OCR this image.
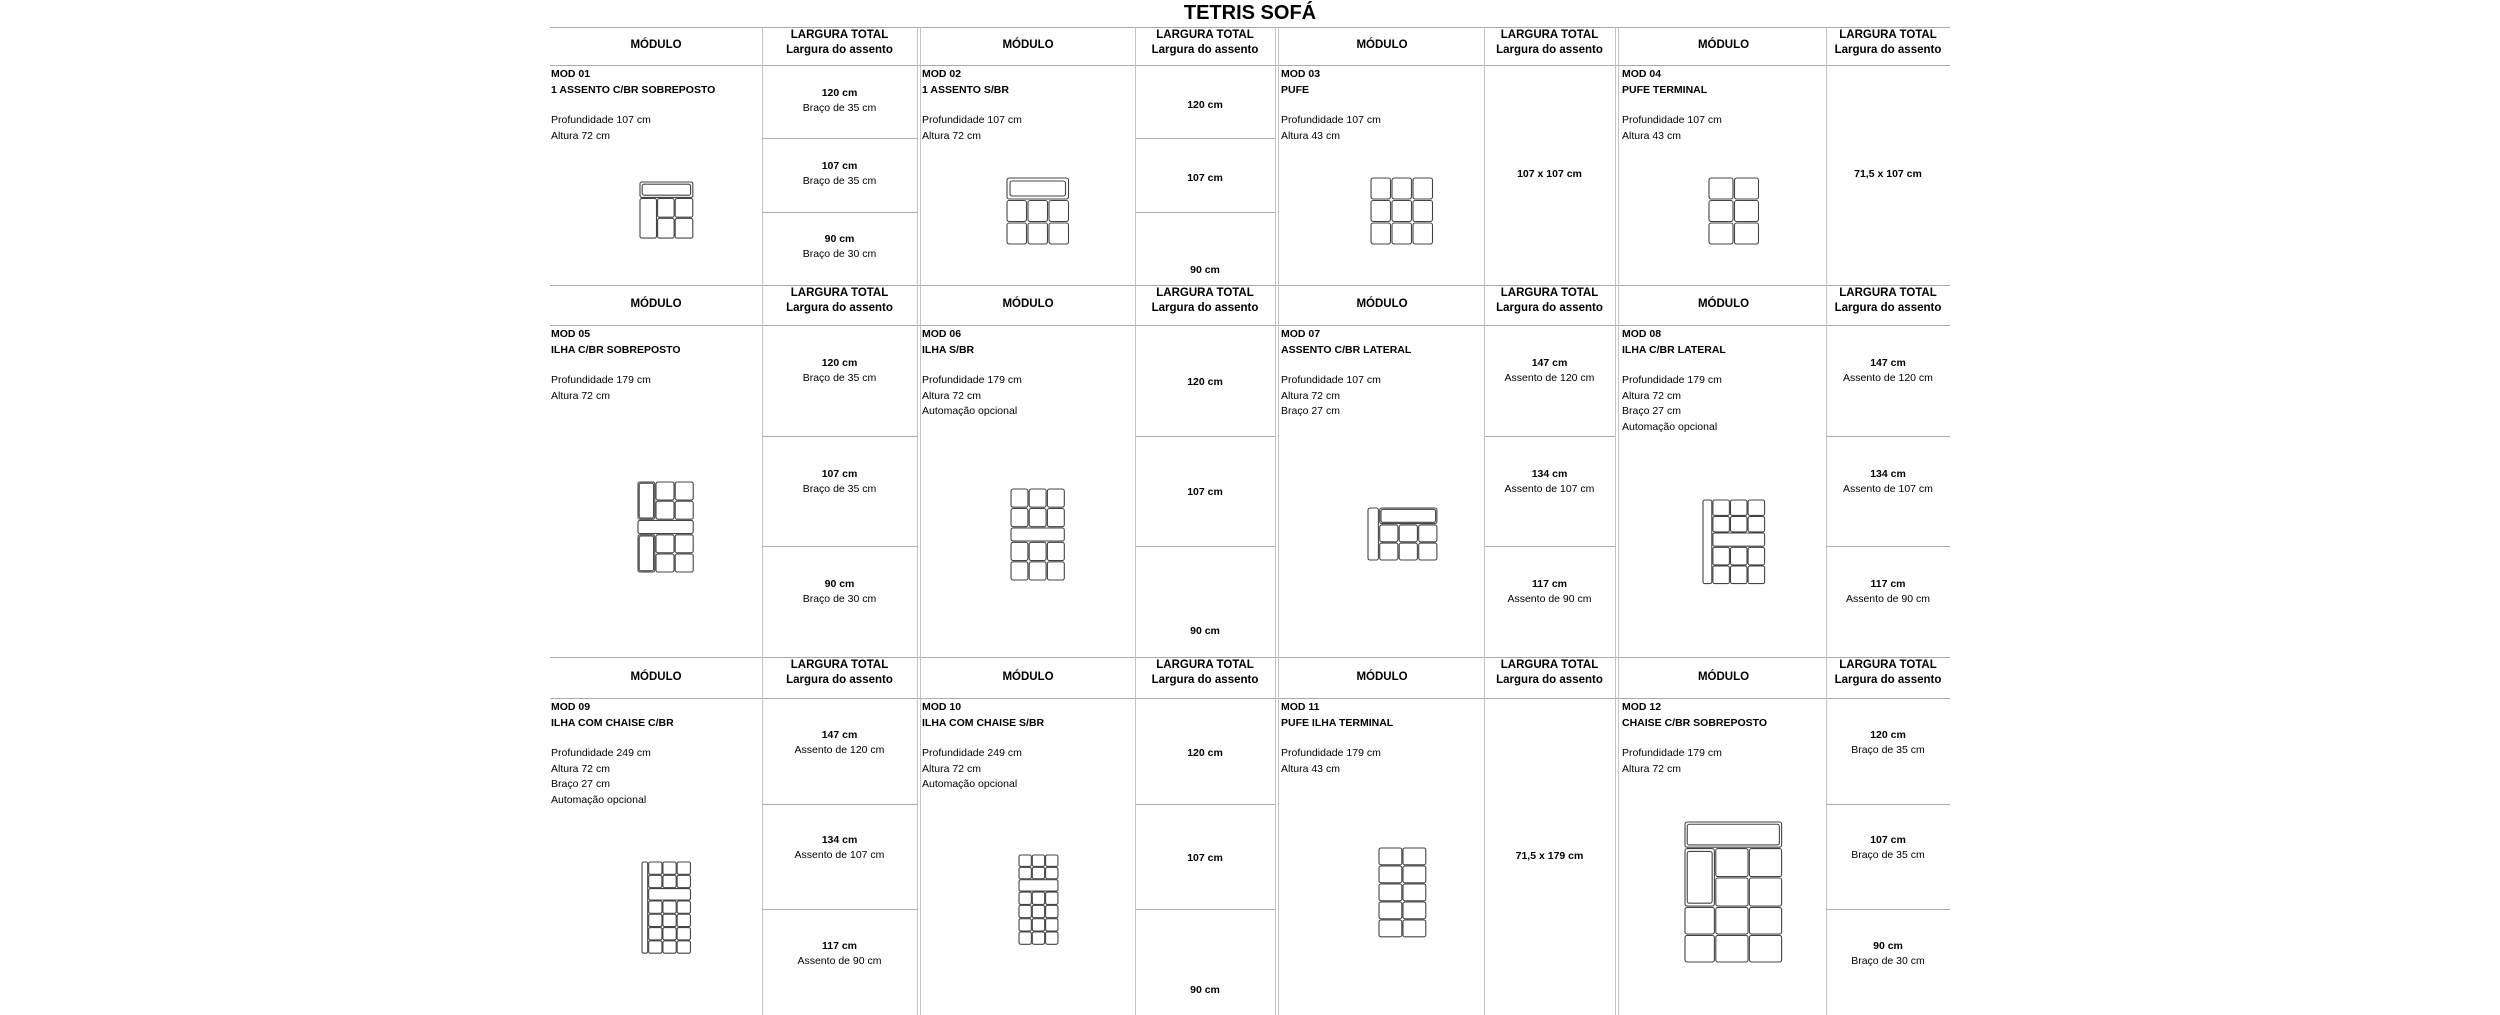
TETRIS SOFÁ
MÓDULO
LARGURA TOTAL
Largura do assento
MOD 01
1 ASSENTO C/BR SOBREPOSTO
Profundidade 107 cm
Altura 72 cm
120 cm
Braço de 35 cm
107 cm
Braço de 35 cm
90 cm
Braço de 30 cm
MÓDULO
LARGURA TOTAL
Largura do assento
MOD 02
1 ASSENTO S/BR
Profundidade 107 cm
Altura 72 cm
120 cm
107 cm
90 cm
MÓDULO
LARGURA TOTAL
Largura do assento
MOD 03
PUFE
Profundidade 107 cm
Altura 43 cm
107 x 107 cm
MÓDULO
LARGURA TOTAL
Largura do assento
MOD 04
PUFE TERMINAL
Profundidade 107 cm
Altura 43 cm
71,5 x 107 cm
MÓDULO
LARGURA TOTAL
Largura do assento
MOD 05
ILHA C/BR SOBREPOSTO
Profundidade 179 cm
Altura 72 cm
120 cm
Braço de 35 cm
107 cm
Braço de 35 cm
90 cm
Braço de 30 cm
MÓDULO
LARGURA TOTAL
Largura do assento
MOD 06
ILHA S/BR
Profundidade 179 cm
Altura 72 cm
Automação opcional
120 cm
107 cm
90 cm
MÓDULO
LARGURA TOTAL
Largura do assento
MOD 07
ASSENTO C/BR LATERAL
Profundidade 107 cm
Altura 72 cm
Braço 27 cm
147 cm
Assento de 120 cm
134 cm
Assento de 107 cm
117 cm
Assento de 90 cm
MÓDULO
LARGURA TOTAL
Largura do assento
MOD 08
ILHA C/BR LATERAL
Profundidade 179 cm
Altura 72 cm
Braço 27 cm
Automação opcional
147 cm
Assento de 120 cm
134 cm
Assento de 107 cm
117 cm
Assento de 90 cm
MÓDULO
LARGURA TOTAL
Largura do assento
MOD 09
ILHA COM CHAISE C/BR
Profundidade 249 cm
Altura 72 cm
Braço 27 cm
Automação opcional
147 cm
Assento de 120 cm
134 cm
Assento de 107 cm
117 cm
Assento de 90 cm
MÓDULO
LARGURA TOTAL
Largura do assento
MOD 10
ILHA COM CHAISE S/BR
Profundidade 249 cm
Altura 72 cm
Automação opcional
120 cm
107 cm
90 cm
MÓDULO
LARGURA TOTAL
Largura do assento
MOD 11
PUFE ILHA TERMINAL
Profundidade 179 cm
Altura 43 cm
71,5 x 179 cm
MÓDULO
LARGURA TOTAL
Largura do assento
MOD 12
CHAISE C/BR SOBREPOSTO
Profundidade 179 cm
Altura 72 cm
120 cm
Braço de 35 cm
107 cm
Braço de 35 cm
90 cm
Braço de 30 cm
